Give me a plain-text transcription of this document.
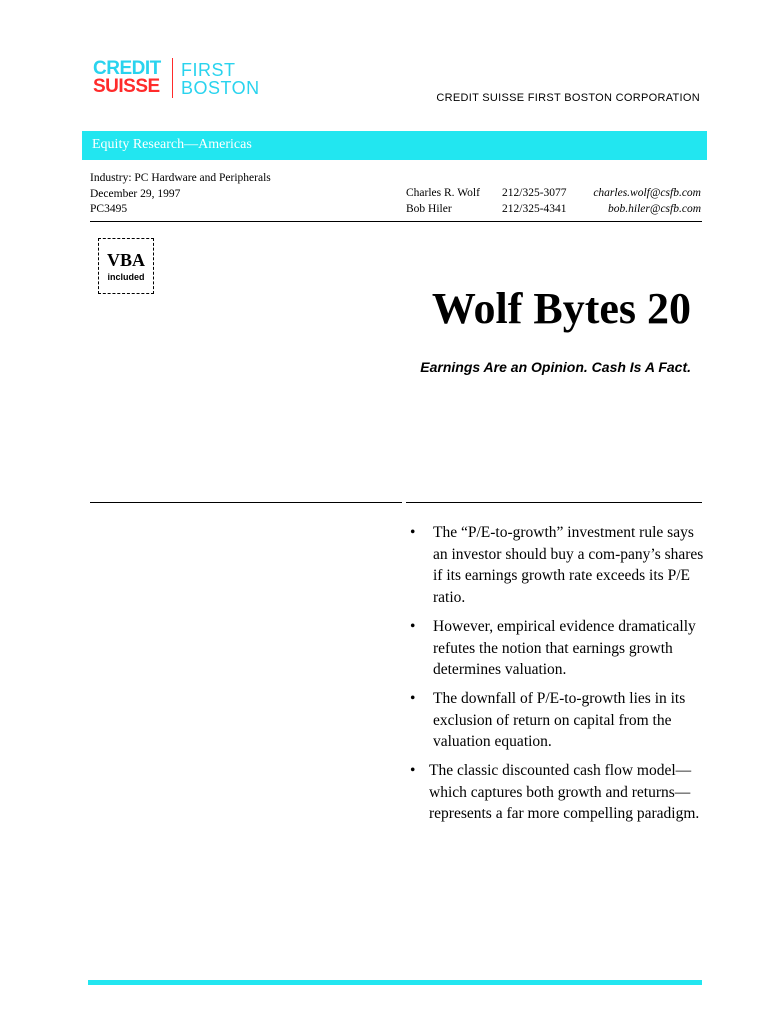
CREDIT
SUISSE
FIRST
BOSTON	CREDIT SUISSE FIRST BOSTON CORPORATION
Equity Research—Americas
Industry: PC Hardware and Peripherals
December 29, 1997
PC3495
Charles R. Wolf 212/325-3077 charles.wolf@csfb.com
Bob Hiler	212/325-4341	bob.hiler@csfb.com
VBA
included
Wolf Bytes 20
Earnings Are an Opinion. Cash Is A Fact.
• The “P/E-to-growth” investment rule says an investor should buy a com-pany’s shares if its earnings growth rate exceeds its P/E ratio.
• However, empirical evidence dramatically refutes the notion that earnings growth determines valuation.
• The downfall of P/E-to-growth lies in its exclusion of return on capital from the valuation equation.
• The classic discounted cash flow model—which captures both growth and returns—represents a far more compelling paradigm.
